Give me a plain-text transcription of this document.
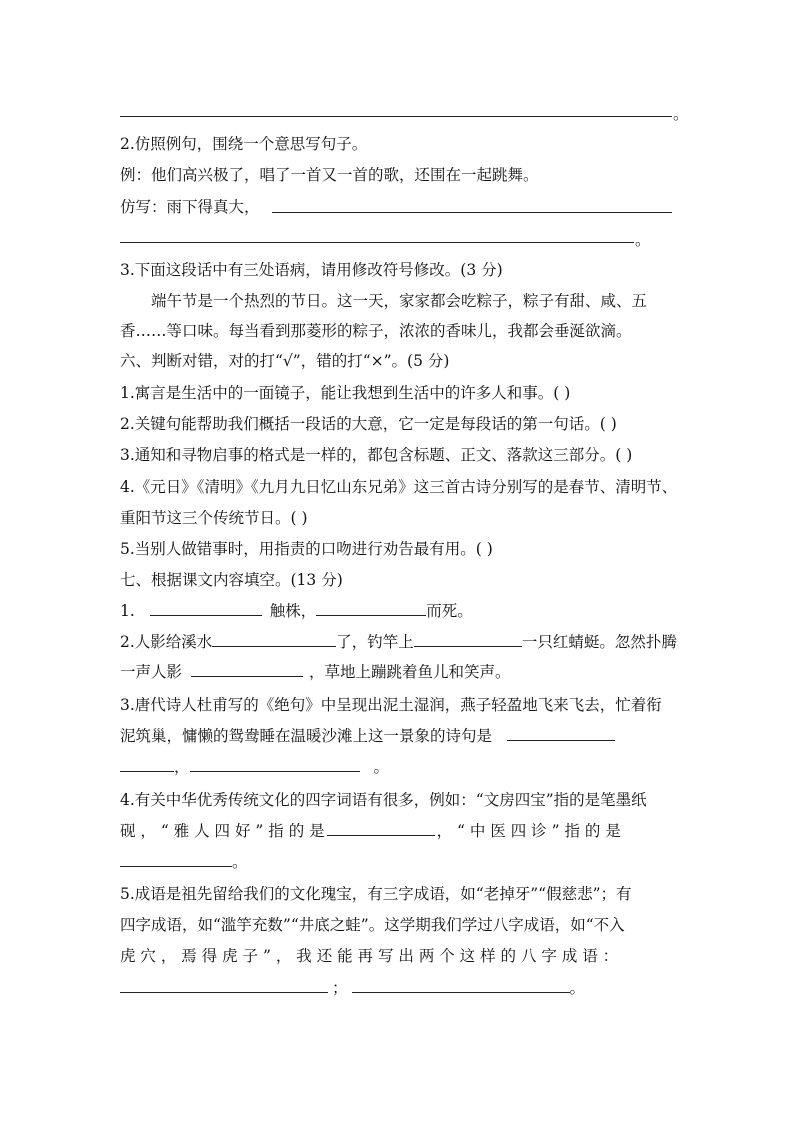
。
2.仿照例句，围绕一个意思写句子。
例：他们高兴极了，唱了一首又一首的歌，还围在一起跳舞。
仿写：雨下得真大，
。
3.下面这段话中有三处语病，请用修改符号修改。(3 分)
端午节是一个热烈的节日。这一天，家家都会吃粽子，粽子有甜、咸、五
香……等口味。每当看到那菱形的粽子，浓浓的香味儿，我都会垂涎欲滴。
六、判断对错，对的打“√”，错的打“×”。(5 分)
1.寓言是生活中的一面镜子，能让我想到生活中的许多人和事。( )
2.关键句能帮助我们概括一段话的大意，它一定是每段话的第一句话。( )
3.通知和寻物启事的格式是一样的，都包含标题、正文、落款这三部分。( )
4.《元日》《清明》《九月九日忆山东兄弟》这三首古诗分别写的是春节、清明节、
重阳节这三个传统节日。( )
5.当别人做错事时，用指责的口吻进行劝告最有用。( )
七、根据课文内容填空。(13 分)
1.	触株，	而死。
2.人影给溪水	了，钓竿上	一只红蜻蜓。忽然扑腾
一声人影	，草地上蹦跳着鱼儿和笑声。
3.唐代诗人杜甫写的《绝句》中呈现出泥土湿润，燕子轻盈地飞来飞去，忙着衔
泥筑巢，慵懒的鸳鸯睡在温暖沙滩上这一景象的诗句是
，	。
4.有关中华优秀传统文化的四字词语有很多，例如：“文房四宝”指的是笔墨纸
砚 ， “ 雅 人 四 好 ” 指 的 是	， “ 中 医 四 诊 ” 指 的 是
。
5.成语是祖先留给我们的文化瑰宝，有三字成语，如“老掉牙”“假慈悲”；有
四字成语，如“滥竽充数”“井底之蛙”。这学期我们学过八字成语，如“不入
虎 穴 ， 焉 得 虎 子 ” ， 我 还 能 再 写 出 两 个 这 样 的 八 字 成 语 ：
；	。
